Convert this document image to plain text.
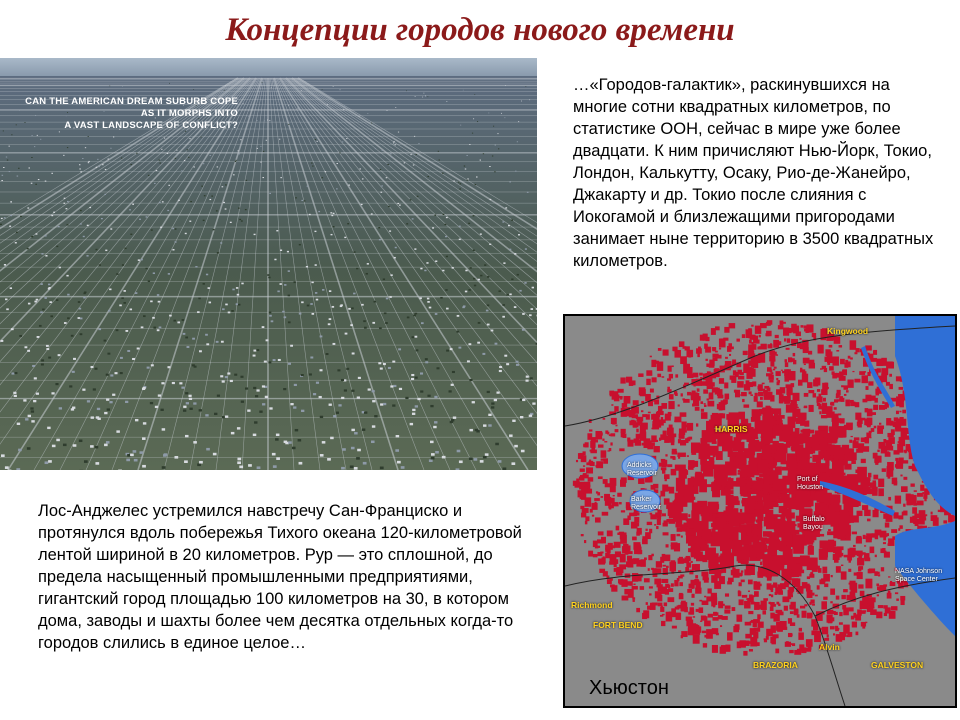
Концепции городов нового времени
CAN THE AMERICAN DREAM SUBURB COPE
AS IT MORPHS INTO
A VAST LANDSCAPE OF CONFLICT?
…«Городов-галактик», раскинувшихся на многие сотни квадратных километров, по статистике ООН, сейчас в мире уже более двадцати. К ним причисляют Нью-Йорк, Токио, Лондон, Калькутту, Осаку, Рио-де-Жанейро, Джакарту и др. Токио после слияния с Иокогамой и близлежащими пригородами занимает ныне территорию в 3500 квадратных километров.
Лос-Анджелес устремился навстречу Сан-Франциско и протянулся вдоль побережья Тихого океана 120-километровой лентой шириной в 20 километров. Рур — это сплошной, до предела насыщенный промышленными предприятиями, гигантский город площадью 100 километров на 30, в котором дома, заводы и шахты более чем десятка отдельных когда-то городов слились в единое целое…
Kingwood
HARRIS
Port of Houston
Addicks Reservoir
Barker Reservoir
Buffalo Bayou
Richmond
FORT BEND
NASA Johnson Space Center
Alvin
BRAZORIA	GALVESTON
Хьюстон
